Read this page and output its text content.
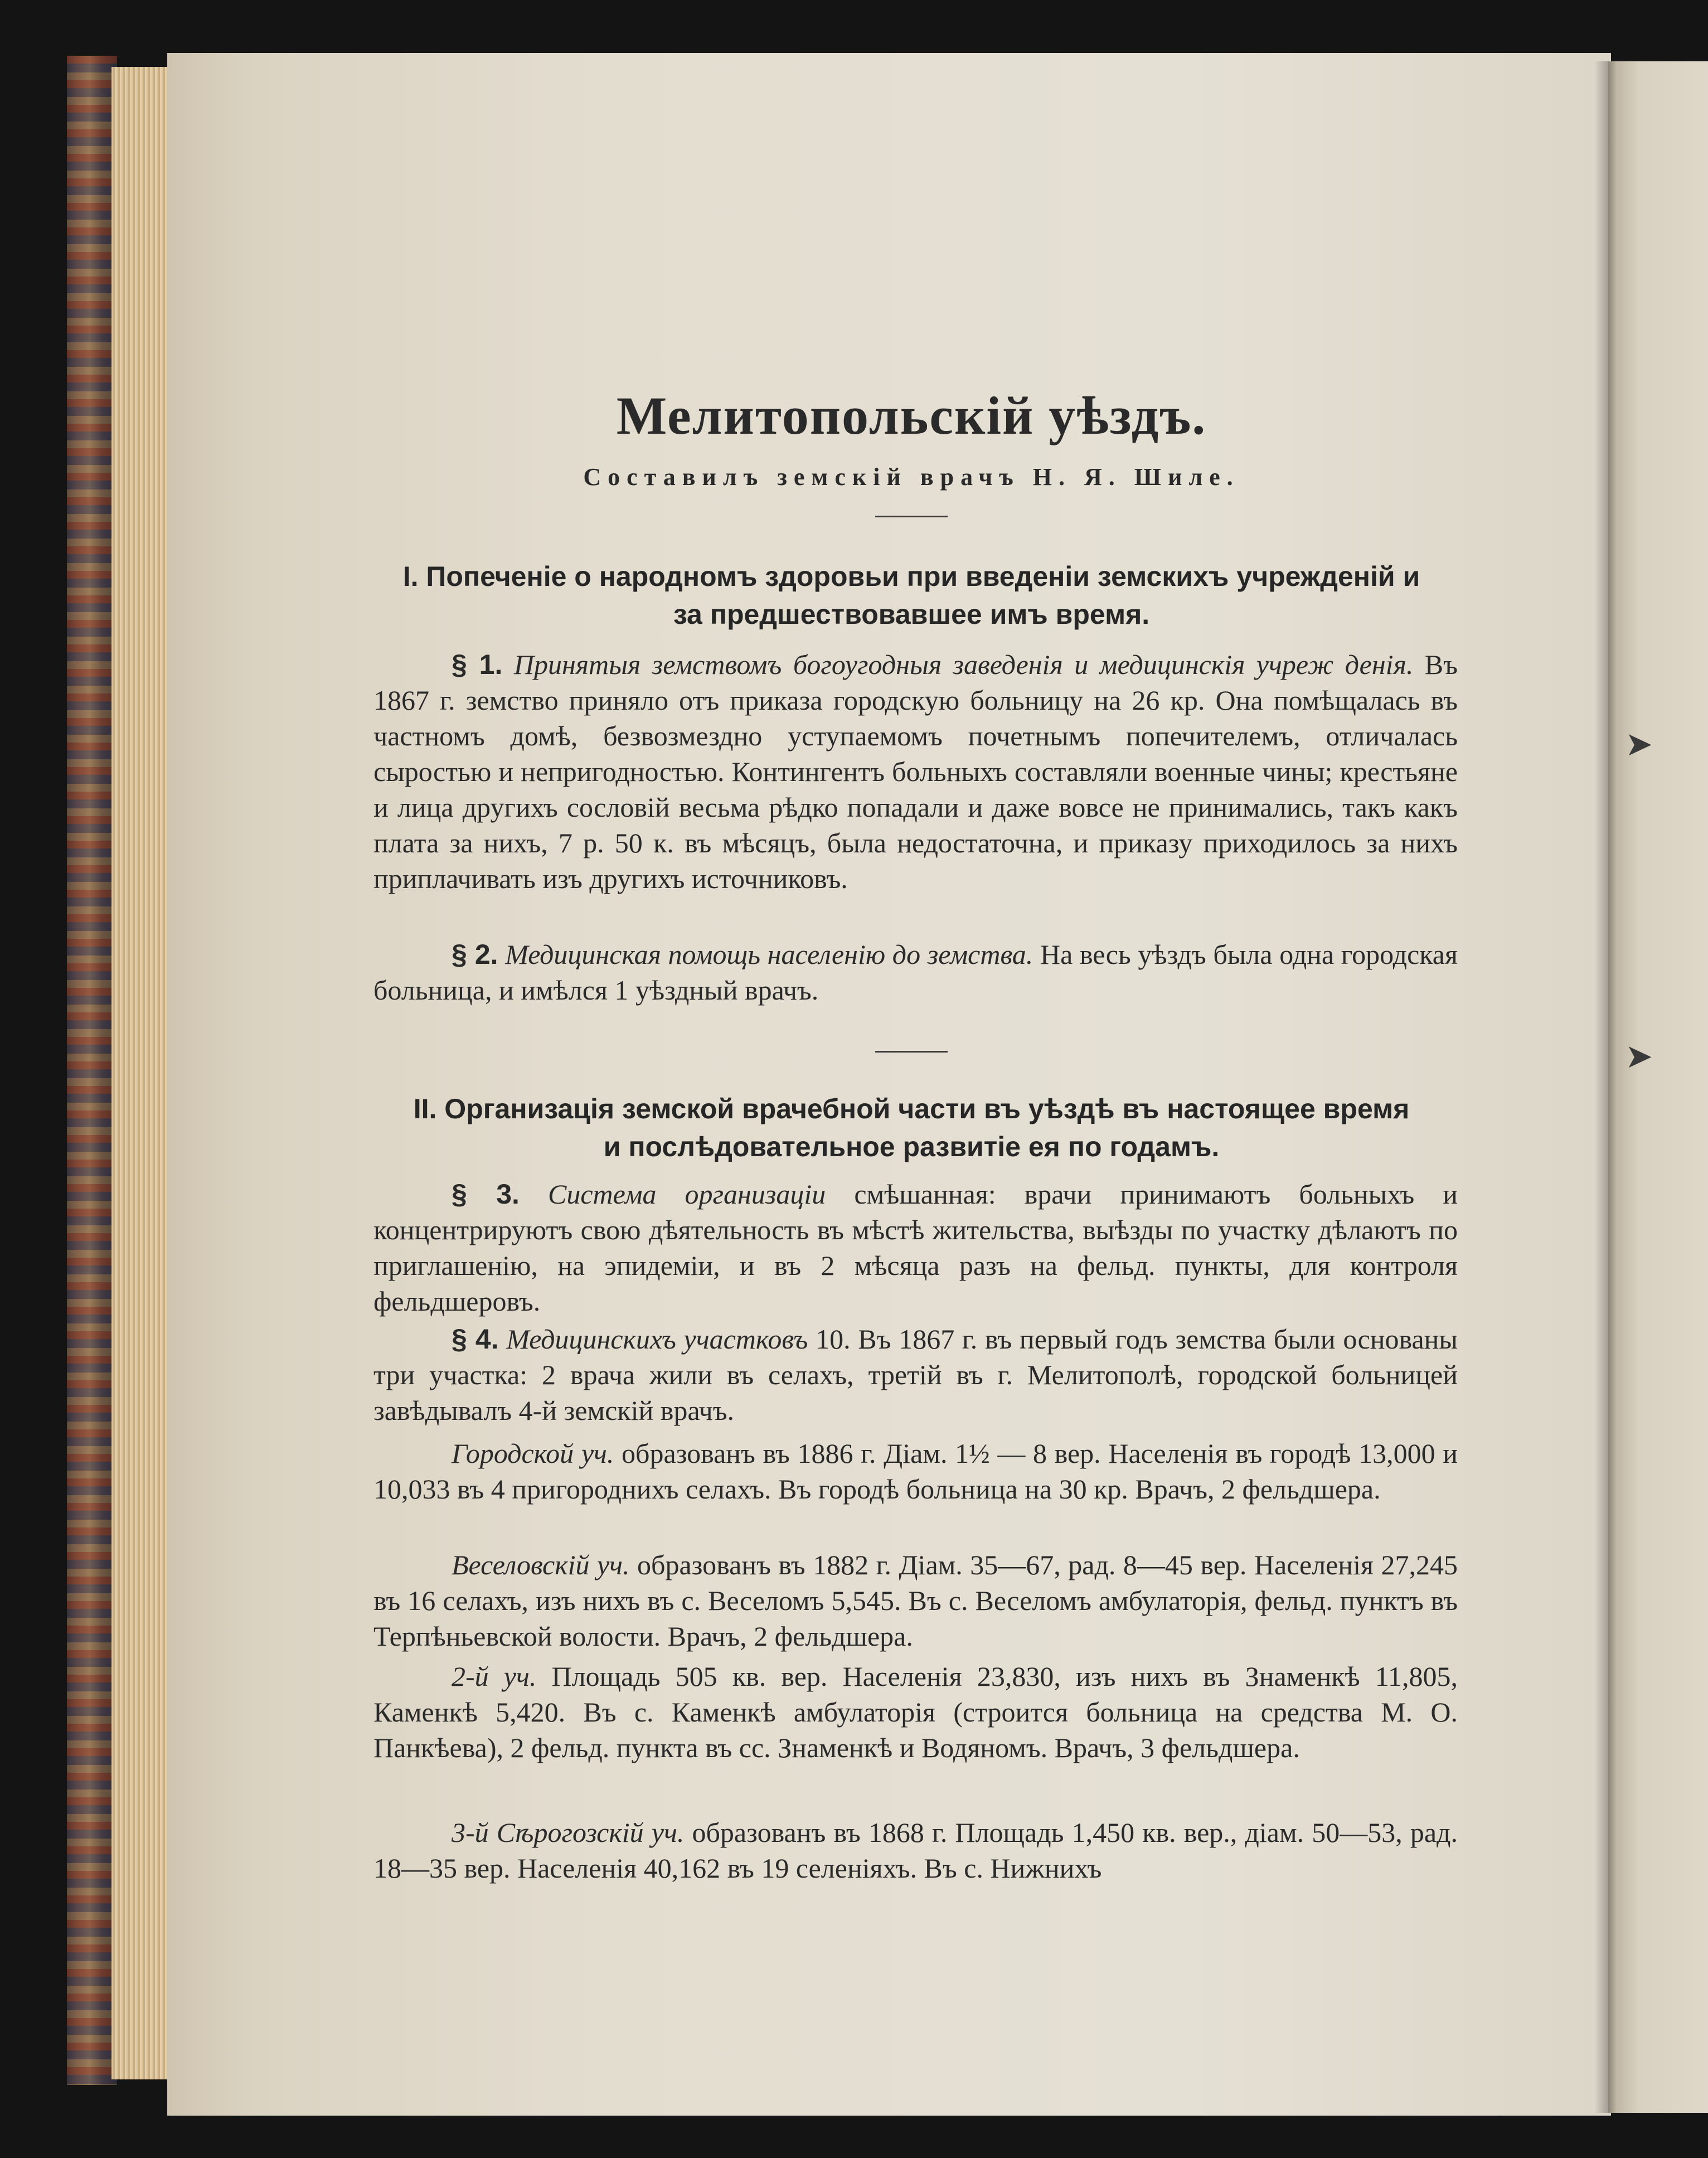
➤
➤
Мелитопольскій уѣздъ.
Составилъ земскій врачъ Н. Я. Шиле.
I. Попеченіе о народномъ здоровьи при введеніи земскихъ учрежденій и за предшествовавшее имъ время.
§ 1. Принятыя земствомъ богоугодныя заведенія и медицинскія учреж денія. Въ 1867 г. земство приняло отъ приказа городскую больницу на 26 кр. Она помѣщалась въ частномъ домѣ, безвозмездно уступаемомъ почетнымъ попечителемъ, отличалась сыростью и непригодностью. Контингентъ больныхъ составляли военные чины; крестьяне и лица другихъ сословій весьма рѣдко попадали и даже вовсе не принимались, такъ какъ плата за нихъ, 7 р. 50 к. въ мѣсяцъ, была недостаточна, и приказу приходилось за нихъ приплачивать изъ другихъ источниковъ.
§ 2. Медицинская помощь населенію до земства. На весь уѣздъ была одна городская больница, и имѣлся 1 уѣздный врачъ.
II. Организація земской врачебной части въ уѣздѣ въ настоящее время и послѣдовательное развитіе ея по годамъ.
§ 3. Система организаціи смѣшанная: врачи принимаютъ больныхъ и концентрируютъ свою дѣятельность въ мѣстѣ жительства, выѣзды по участку дѣлаютъ по приглашенію, на эпидеміи, и въ 2 мѣсяца разъ на фельд. пункты, для контроля фельдшеровъ.
§ 4. Медицинскихъ участковъ 10. Въ 1867 г. въ первый годъ земства были основаны три участка: 2 врача жили въ селахъ, третій въ г. Мелитополѣ, городской больницей завѣдывалъ 4-й земскій врачъ.
Городской уч. образованъ въ 1886 г. Діам. 1½ — 8 вер. Населенія въ городѣ 13,000 и 10,033 въ 4 пригороднихъ селахъ. Въ городѣ больница на 30 кр. Врачъ, 2 фельдшера.
Веселовскій уч. образованъ въ 1882 г. Діам. 35—67, рад. 8—45 вер. Населенія 27,245 въ 16 селахъ, изъ нихъ въ с. Веселомъ 5,545. Въ с. Веселомъ амбулаторія, фельд. пунктъ въ Терпѣньевской волости. Врачъ, 2 фельдшера.
2-й уч. Площадь 505 кв. вер. Населенія 23,830, изъ нихъ въ Знаменкѣ 11,805, Каменкѣ 5,420. Въ с. Каменкѣ амбулаторія (строится больница на средства М. О. Панкѣева), 2 фельд. пункта въ сс. Знаменкѣ и Водяномъ. Врачъ, 3 фельдшера.
3-й Сѣрогозскій уч. образованъ въ 1868 г. Площадь 1,450 кв. вер., діам. 50—53, рад. 18—35 вер. Населенія 40,162 въ 19 селеніяхъ. Въ с. Нижнихъ
